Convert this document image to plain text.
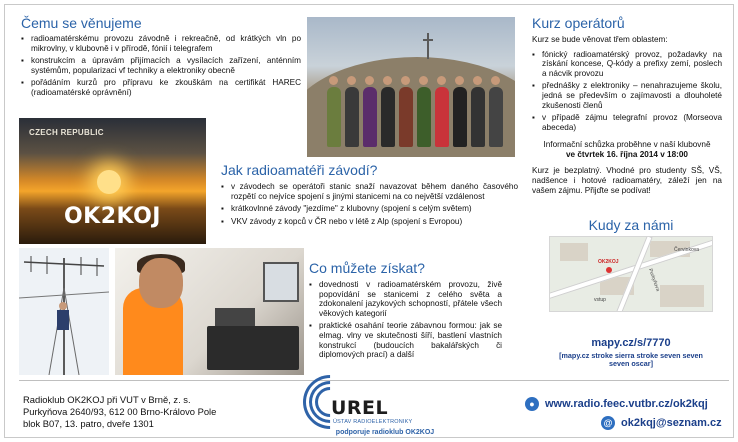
Čemu se věnujeme
▪ radioamatérskému provozu závodně i rekreačně, od krátkých vln po mikrovlny, v klubovně i v přírodě, fónií i telegrafem
▪ konstrukcím a úpravám přijímacích a vysílacích zařízení, anténním systémům, popularizaci vf techniky a elektroniky obecně
▪ pořádáním kurzů pro přípravu ke zkouškám na certifikát HAREC (radioamatérské oprávnění)
Kurz operátorů
Kurz se bude věnovat třem oblastem:
▪ fónický radioamatérský provoz, požadavky na získání koncese, Q-kódy a prefixy zemí, poslech a nácvik provozu
▪ přednášky z elektroniky – nenahrazujeme školu, jedná se především o zajímavosti a dlouholeté zkušenosti členů
▪ v případě zájmu telegrafní provoz (Morseova abeceda)
Informační schůzka proběhne v naší klubovně
ve čtvrtek 16. října 2014 v 18:00
Kurz je bezplatný. Vhodné pro studenty SŠ, VŠ, nadšence i hotové radioamatéry, záleží jen na vašem zájmu. Přijďte se podívat!
CZECH REPUBLIC
OK2KOJ
Jak radioamatéři závodí?
▪ v závodech se operátoři stanic snaží navazovat během daného časového rozpětí co nejvíce spojení s jinými stanicemi na co největší vzdálenost
▪ krátkovlnné závody "jezdíme" z klubovny (spojení s celým světem)
▪ VKV závody z kopců v ČR nebo v létě z Alp (spojení s Evropou)
Co můžete získat?
▪ dovednosti v radioamatérském provozu, živě popovídání se stanicemi z celého světa a zdokonalení jazykových schopností, přátele všech věkových kategorií
▪ praktické osahání teorie zábavnou formou: jak se elmag. vlny ve skutečnosti šíří, bastlení vlastních konstrukcí (budoucích bakalářských či diplomových prací) a další
Kudy za námi
OK2KOJ
vstup
Purkyňova
Červinkova
mapy.cz/s/7770
[mapy.cz stroke sierra stroke seven seven seven oscar]
Radioklub OK2KOJ při VUT v Brně, z. s.
Purkyňova 2640/93, 612 00 Brno-Královo Pole
blok B07, 13. patro, dveře 1301
UREL
ÚSTAV RADIOELEKTRONIKY
podporuje radioklub OK2KOJ
● www.radio.feec.vutbr.cz/ok2kqj
@ ok2kqj@seznam.cz
